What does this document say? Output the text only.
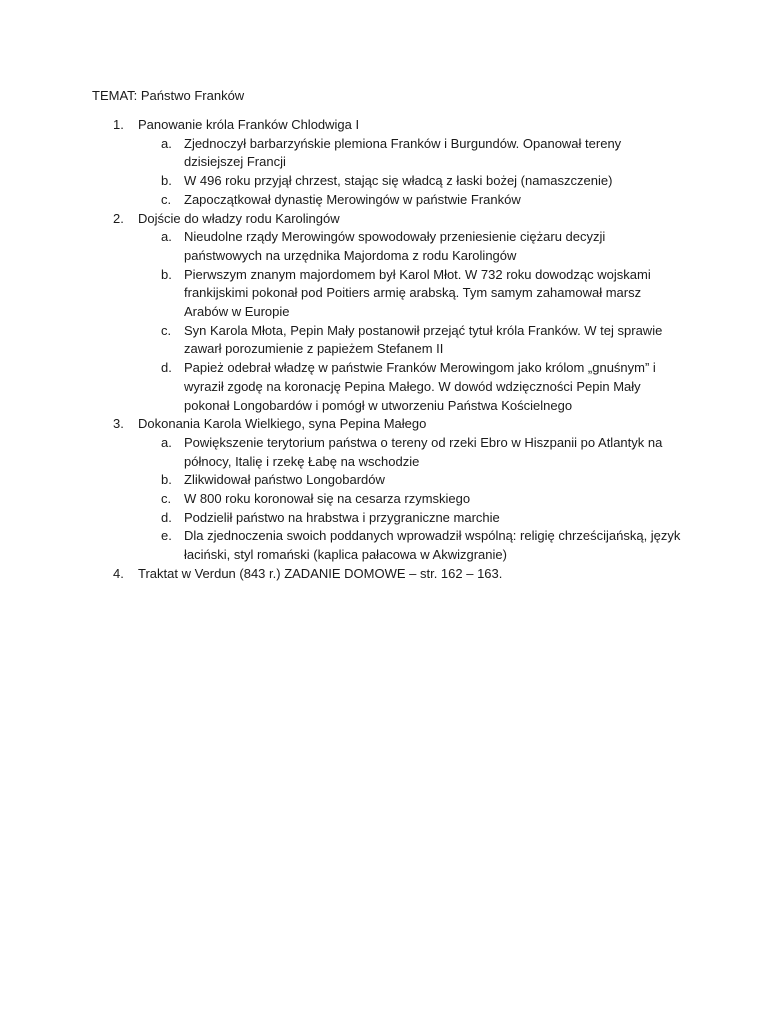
TEMAT: Państwo Franków
1. Panowanie króla Franków Chlodwiga I
a. Zjednoczył barbarzyńskie plemiona Franków i Burgundów. Opanował tereny
dzisiejszej Francji
b. W 496 roku przyjął chrzest, stając się władcą z łaski bożej (namaszczenie)
c. Zapoczątkował dynastię Merowingów w państwie Franków
2. Dojście do władzy rodu Karolingów
a. Nieudolne rządy Merowingów spowodowały przeniesienie ciężaru decyzji
państwowych na urzędnika Majordoma z rodu Karolingów
b. Pierwszym znanym majordomem był Karol Młot. W 732 roku dowodząc wojskami
frankijskimi pokonał pod Poitiers armię arabską. Tym samym zahamował marsz
Arabów w Europie
c. Syn Karola Młota, Pepin Mały postanowił przejąć tytuł króla Franków. W tej sprawie
zawarł porozumienie z papieżem Stefanem II
d. Papież odebrał władzę w państwie Franków Merowingom jako królom „gnuśnym” i
wyraził zgodę na koronację Pepina Małego. W dowód wdzięczności Pepin Mały
pokonał Longobardów i pomógł w utworzeniu Państwa Kościelnego
3. Dokonania Karola Wielkiego, syna Pepina Małego
a. Powiększenie terytorium państwa o tereny od rzeki Ebro w Hiszpanii po Atlantyk na
północy, Italię i rzekę Łabę na wschodzie
b. Zlikwidował państwo Longobardów
c. W 800 roku koronował się na cesarza rzymskiego
d. Podzielił państwo na hrabstwa i przygraniczne marchie
e. Dla zjednoczenia swoich poddanych wprowadził wspólną: religię chrześcijańską, język
łaciński, styl romański (kaplica pałacowa w Akwizgranie)
4. Traktat w Verdun (843 r.) ZADANIE DOMOWE – str. 162 – 163.
